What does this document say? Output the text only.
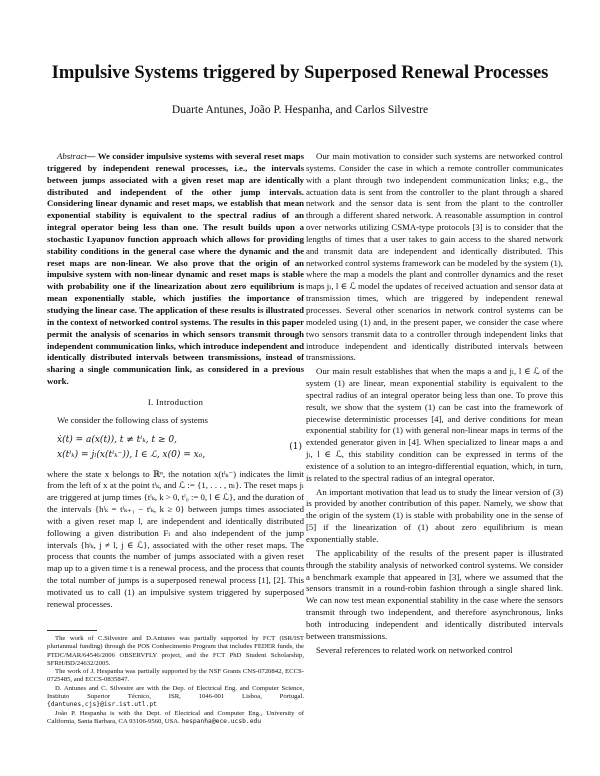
Impulsive Systems triggered by Superposed Renewal Processes
Duarte Antunes, João P. Hespanha, and Carlos Silvestre

Abstract— We consider impulsive systems with several reset maps triggered by independent renewal processes, i.e., the intervals between jumps associated with a given reset map are identically distributed and independent of the other jump intervals. Considering linear dynamic and reset maps, we establish that mean exponential stability is equivalent to the spectral radius of an integral operator being less than one. The result builds upon a stochastic Lyapunov function approach which allows for providing stability conditions in the general case where the dynamic and the reset maps are non-linear. We also prove that the origin of an impulsive system with non-linear dynamic and reset maps is stable with probability one if the linearization about zero equilibrium is mean exponentially stable, which justifies the importance of studying the linear case. The application of these results is illustrated in the context of networked control systems. The results in this paper permit the analysis of scenarios in which sensors transmit through independent communication links, which introduce independent and identically distributed intervals between transmissions, instead of sharing a single communication link, as considered in a previous work.

I. Introduction

We consider the following class of systems

ẋ(t) = a(x(t)), t ≠ tˡₖ, t ≥ 0,
x(tˡₖ) = jₗ(x(tˡₖ⁻)), l ∈ ℒ, x(0) = x₀,
(1)

where the state x belongs to ℝⁿ, the notation x(tˡₖ⁻) indicates the limit from the left of x at the point tˡₖ, and ℒ := {1, . . . , nₗ}. The reset maps jₗ are triggered at jump times {tˡₖ, k > 0, tˡ₀ := 0, l ∈ ℒ}, and the duration of the intervals {hˡₖ = tˡₖ₊₁ − tˡₖ, k ≥ 0} between jumps times associated with a given reset map l, are independent and identically distributed following a given distribution Fₗ and also independent of the jump intervals {hʲₖ, j ≠ l, j ∈ ℒ}, associated with the other reset maps. The process that counts the number of jumps associated with a given reset map up to a given time t is a renewal process, and the process that counts the total number of jumps is a superposed renewal process [1], [2]. This motivated us to call (1) an impulsive system triggered by superposed renewal processes.

The work of C.Silvestre and D.Antunes was partially supported by FCT (ISR/IST pluriannual funding) through the POS Conhecimento Program that includes FEDER funds, the PTDC/MAR/64546/2006 OBSERVFLY project, and the FCT PhD Student Scholarship, SFRH/BD/24632/2005.

The work of J. Hespanha was partially supported by the NSF Grants CNS-0720842, ECCS-0725485, and ECCS-0835847.

D. Antunes and C. Silvestre are with the Dep. of Electrical Eng. and Computer Science, Instituto Superior Técnico, ISR, 1046-001 Lisboa, Portugal. {dantunes,cjs}@isr.ist.utl.pt

João P. Hespanha is with the Dept. of Electrical and Computer Eng., University of California, Santa Barbara, CA 93106-9560, USA. hespanha@ece.ucsb.edu

Our main motivation to consider such systems are networked control systems. Consider the case in which a remote controller communicates with a plant through two independent communication links; e.g., the actuation data is sent from the controller to the plant through a shared network and the sensor data is sent from the plant to the controller through a different shared network. A reasonable assumption in control over networks utilizing CSMA-type protocols [3] is to consider that the lengths of times that a user takes to gain access to the shared network and transmit data are independent and identically distributed. This networked control systems framework can be modeled by the system (1), where the map a models the plant and controller dynamics and the reset maps jₗ, l ∈ ℒ model the updates of received actuation and sensor data at transmission times, which are triggered by independent renewal processes. Several other scenarios in network control systems can be modeled using (1) and, in the present paper, we consider the case where two sensors transmit data to a controller through independent links that introduce independent and identically distributed intervals between transmissions.

Our main result establishes that when the maps a and jₗ, l ∈ ℒ of the system (1) are linear, mean exponential stability is equivalent to the spectral radius of an integral operator being less than one. To prove this result, we show that the system (1) can be cast into the framework of piecewise deterministic processes [4], and derive conditions for mean exponential stability for (1) with general non-linear maps in terms of the extended generator given in [4]. When specialized to linear maps a and jₗ, l ∈ ℒ, this stability condition can be expressed in terms of the existence of a solution to an integro-differential equation, which, in turn, is related to the spectral radius of an integral operator.

An important motivation that lead us to study the linear version of (3) is provided by another contribution of this paper. Namely, we show that the origin of the system (1) is stable with probability one in the sense of [5] if the linearization of (1) about zero equilibrium is mean exponentially stable.

The applicability of the results of the present paper is illustrated through the stability analysis of networked control systems. We consider a benchmark example that appeared in [3], where we assumed that the sensors transmit in a round-robin fashion through a single shared link. We can now test mean exponential stability in the case where the sensors transmit through two independent, and therefore asynchronous, links both introducing independent and identically distributed intervals between transmissions.

Several references to related work on networked control
